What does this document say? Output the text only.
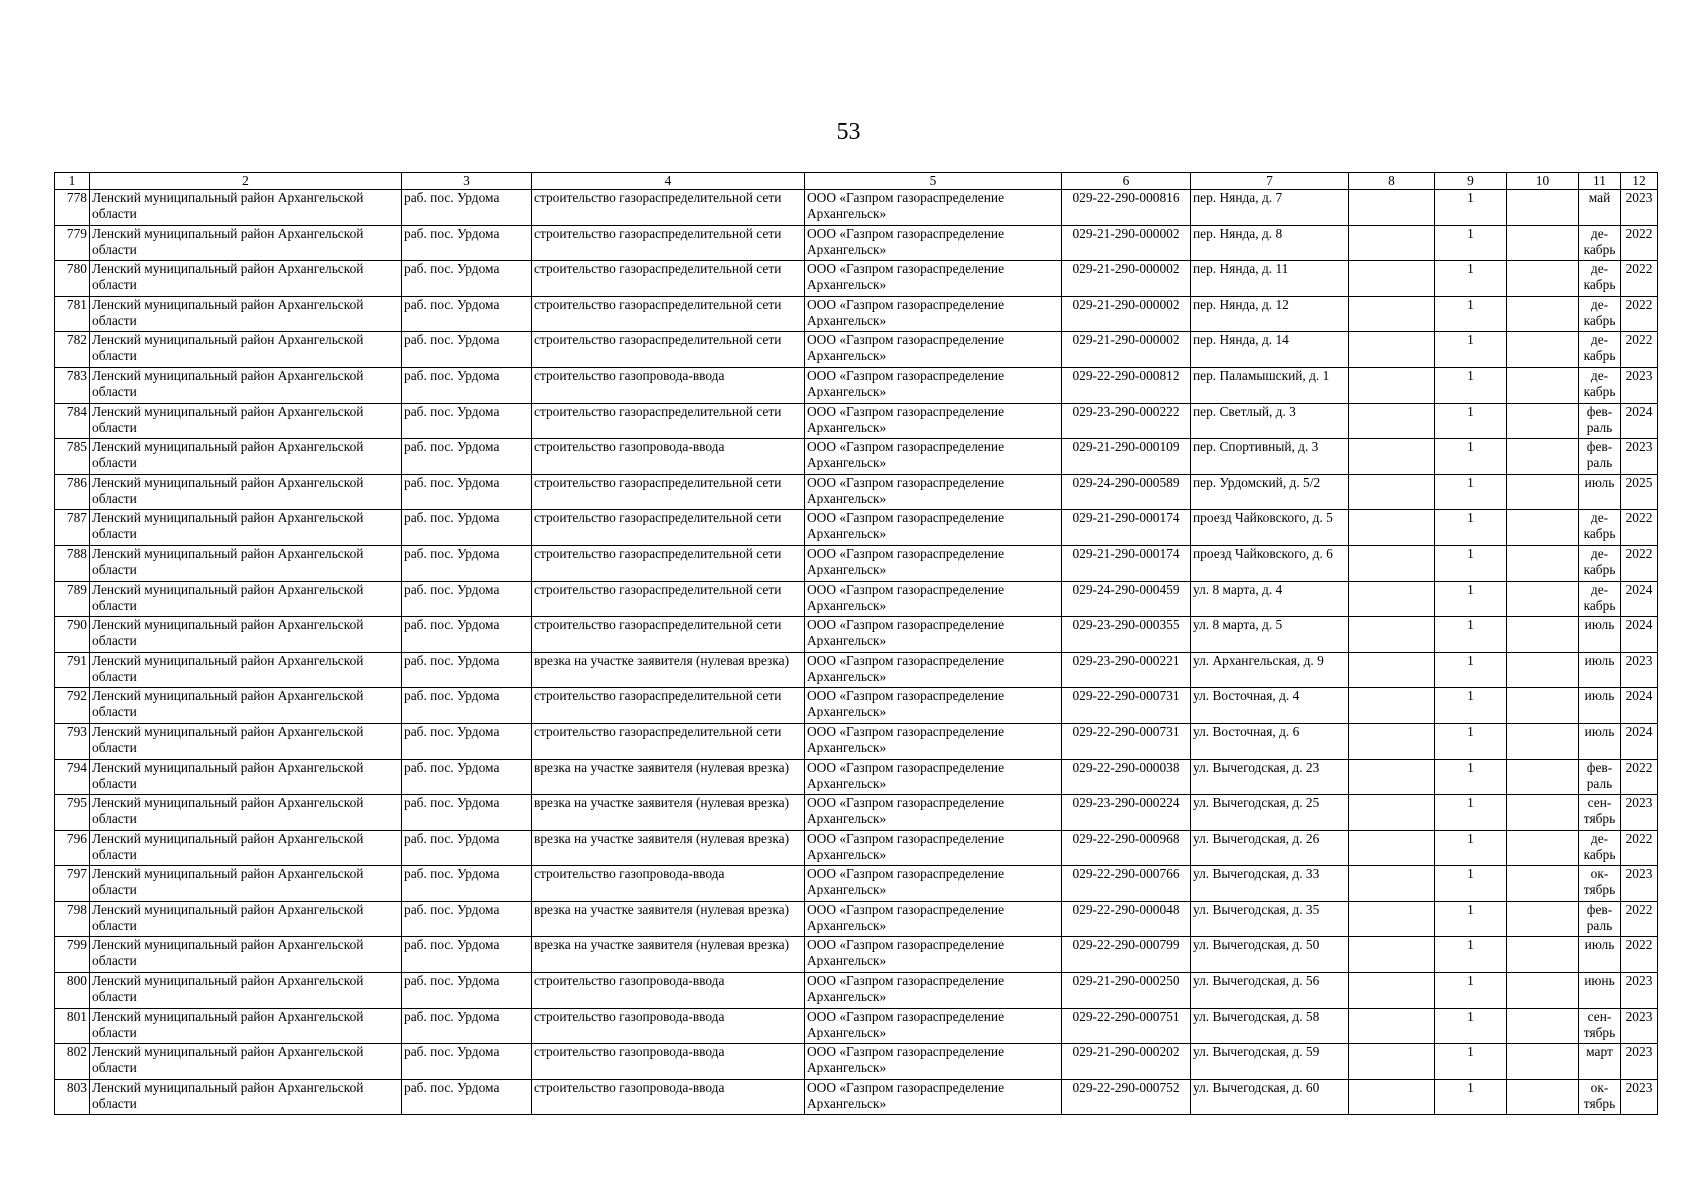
53
1	2	3	4	5	6	7	8	9	10	11	12
778	Ленский муниципальный район Архангельской области	раб. пос. Урдома	строительство газораспределительной сети	ООО «Газпром газораспределение Архангельск»	029-22-290-000816	пер. Нянда, д. 7		1		май	2023
779	Ленский муниципальный район Архангельской области	раб. пос. Урдома	строительство газораспределительной сети	ООО «Газпром газораспределение Архангельск»	029-21-290-000002	пер. Нянда, д. 8		1		де-кабрь	2022
780	Ленский муниципальный район Архангельской области	раб. пос. Урдома	строительство газораспределительной сети	ООО «Газпром газораспределение Архангельск»	029-21-290-000002	пер. Нянда, д. 11		1		де-кабрь	2022
781	Ленский муниципальный район Архангельской области	раб. пос. Урдома	строительство газораспределительной сети	ООО «Газпром газораспределение Архангельск»	029-21-290-000002	пер. Нянда, д. 12		1		де-кабрь	2022
782	Ленский муниципальный район Архангельской области	раб. пос. Урдома	строительство газораспределительной сети	ООО «Газпром газораспределение Архангельск»	029-21-290-000002	пер. Нянда, д. 14		1		де-кабрь	2022
783	Ленский муниципальный район Архангельской области	раб. пос. Урдома	строительство газопровода-ввода	ООО «Газпром газораспределение Архангельск»	029-22-290-000812	пер. Паламышский, д. 1		1		де-кабрь	2023
784	Ленский муниципальный район Архангельской области	раб. пос. Урдома	строительство газораспределительной сети	ООО «Газпром газораспределение Архангельск»	029-23-290-000222	пер. Светлый, д. 3		1		фев-раль	2024
785	Ленский муниципальный район Архангельской области	раб. пос. Урдома	строительство газопровода-ввода	ООО «Газпром газораспределение Архангельск»	029-21-290-000109	пер. Спортивный, д. 3		1		фев-раль	2023
786	Ленский муниципальный район Архангельской области	раб. пос. Урдома	строительство газораспределительной сети	ООО «Газпром газораспределение Архангельск»	029-24-290-000589	пер. Урдомский, д. 5/2		1		июль	2025
787	Ленский муниципальный район Архангельской области	раб. пос. Урдома	строительство газораспределительной сети	ООО «Газпром газораспределение Архангельск»	029-21-290-000174	проезд Чайковского, д. 5		1		де-кабрь	2022
788	Ленский муниципальный район Архангельской области	раб. пос. Урдома	строительство газораспределительной сети	ООО «Газпром газораспределение Архангельск»	029-21-290-000174	проезд Чайковского, д. 6		1		де-кабрь	2022
789	Ленский муниципальный район Архангельской области	раб. пос. Урдома	строительство газораспределительной сети	ООО «Газпром газораспределение Архангельск»	029-24-290-000459	ул. 8 марта, д. 4		1		де-кабрь	2024
790	Ленский муниципальный район Архангельской области	раб. пос. Урдома	строительство газораспределительной сети	ООО «Газпром газораспределение Архангельск»	029-23-290-000355	ул. 8 марта, д. 5		1		июль	2024
791	Ленский муниципальный район Архангельской области	раб. пос. Урдома	врезка на участке заявителя (нулевая врезка)	ООО «Газпром газораспределение Архангельск»	029-23-290-000221	ул. Архангельская, д. 9		1		июль	2023
792	Ленский муниципальный район Архангельской области	раб. пос. Урдома	строительство газораспределительной сети	ООО «Газпром газораспределение Архангельск»	029-22-290-000731	ул. Восточная, д. 4		1		июль	2024
793	Ленский муниципальный район Архангельской области	раб. пос. Урдома	строительство газораспределительной сети	ООО «Газпром газораспределение Архангельск»	029-22-290-000731	ул. Восточная, д. 6		1		июль	2024
794	Ленский муниципальный район Архангельской области	раб. пос. Урдома	врезка на участке заявителя (нулевая врезка)	ООО «Газпром газораспределение Архангельск»	029-22-290-000038	ул. Вычегодская, д. 23		1		фев-раль	2022
795	Ленский муниципальный район Архангельской области	раб. пос. Урдома	врезка на участке заявителя (нулевая врезка)	ООО «Газпром газораспределение Архангельск»	029-23-290-000224	ул. Вычегодская, д. 25		1		сен-тябрь	2023
796	Ленский муниципальный район Архангельской области	раб. пос. Урдома	врезка на участке заявителя (нулевая врезка)	ООО «Газпром газораспределение Архангельск»	029-22-290-000968	ул. Вычегодская, д. 26		1		де-кабрь	2022
797	Ленский муниципальный район Архангельской области	раб. пос. Урдома	строительство газопровода-ввода	ООО «Газпром газораспределение Архангельск»	029-22-290-000766	ул. Вычегодская, д. 33		1		ок-тябрь	2023
798	Ленский муниципальный район Архангельской области	раб. пос. Урдома	врезка на участке заявителя (нулевая врезка)	ООО «Газпром газораспределение Архангельск»	029-22-290-000048	ул. Вычегодская, д. 35		1		фев-раль	2022
799	Ленский муниципальный район Архангельской области	раб. пос. Урдома	врезка на участке заявителя (нулевая врезка)	ООО «Газпром газораспределение Архангельск»	029-22-290-000799	ул. Вычегодская, д. 50		1		июль	2022
800	Ленский муниципальный район Архангельской области	раб. пос. Урдома	строительство газопровода-ввода	ООО «Газпром газораспределение Архангельск»	029-21-290-000250	ул. Вычегодская, д. 56		1		июнь	2023
801	Ленский муниципальный район Архангельской области	раб. пос. Урдома	строительство газопровода-ввода	ООО «Газпром газораспределение Архангельск»	029-22-290-000751	ул. Вычегодская, д. 58		1		сен-тябрь	2023
802	Ленский муниципальный район Архангельской области	раб. пос. Урдома	строительство газопровода-ввода	ООО «Газпром газораспределение Архангельск»	029-21-290-000202	ул. Вычегодская, д. 59		1		март	2023
803	Ленский муниципальный район Архангельской области	раб. пос. Урдома	строительство газопровода-ввода	ООО «Газпром газораспределение Архангельск»	029-22-290-000752	ул. Вычегодская, д. 60		1		ок-тябрь	2023
